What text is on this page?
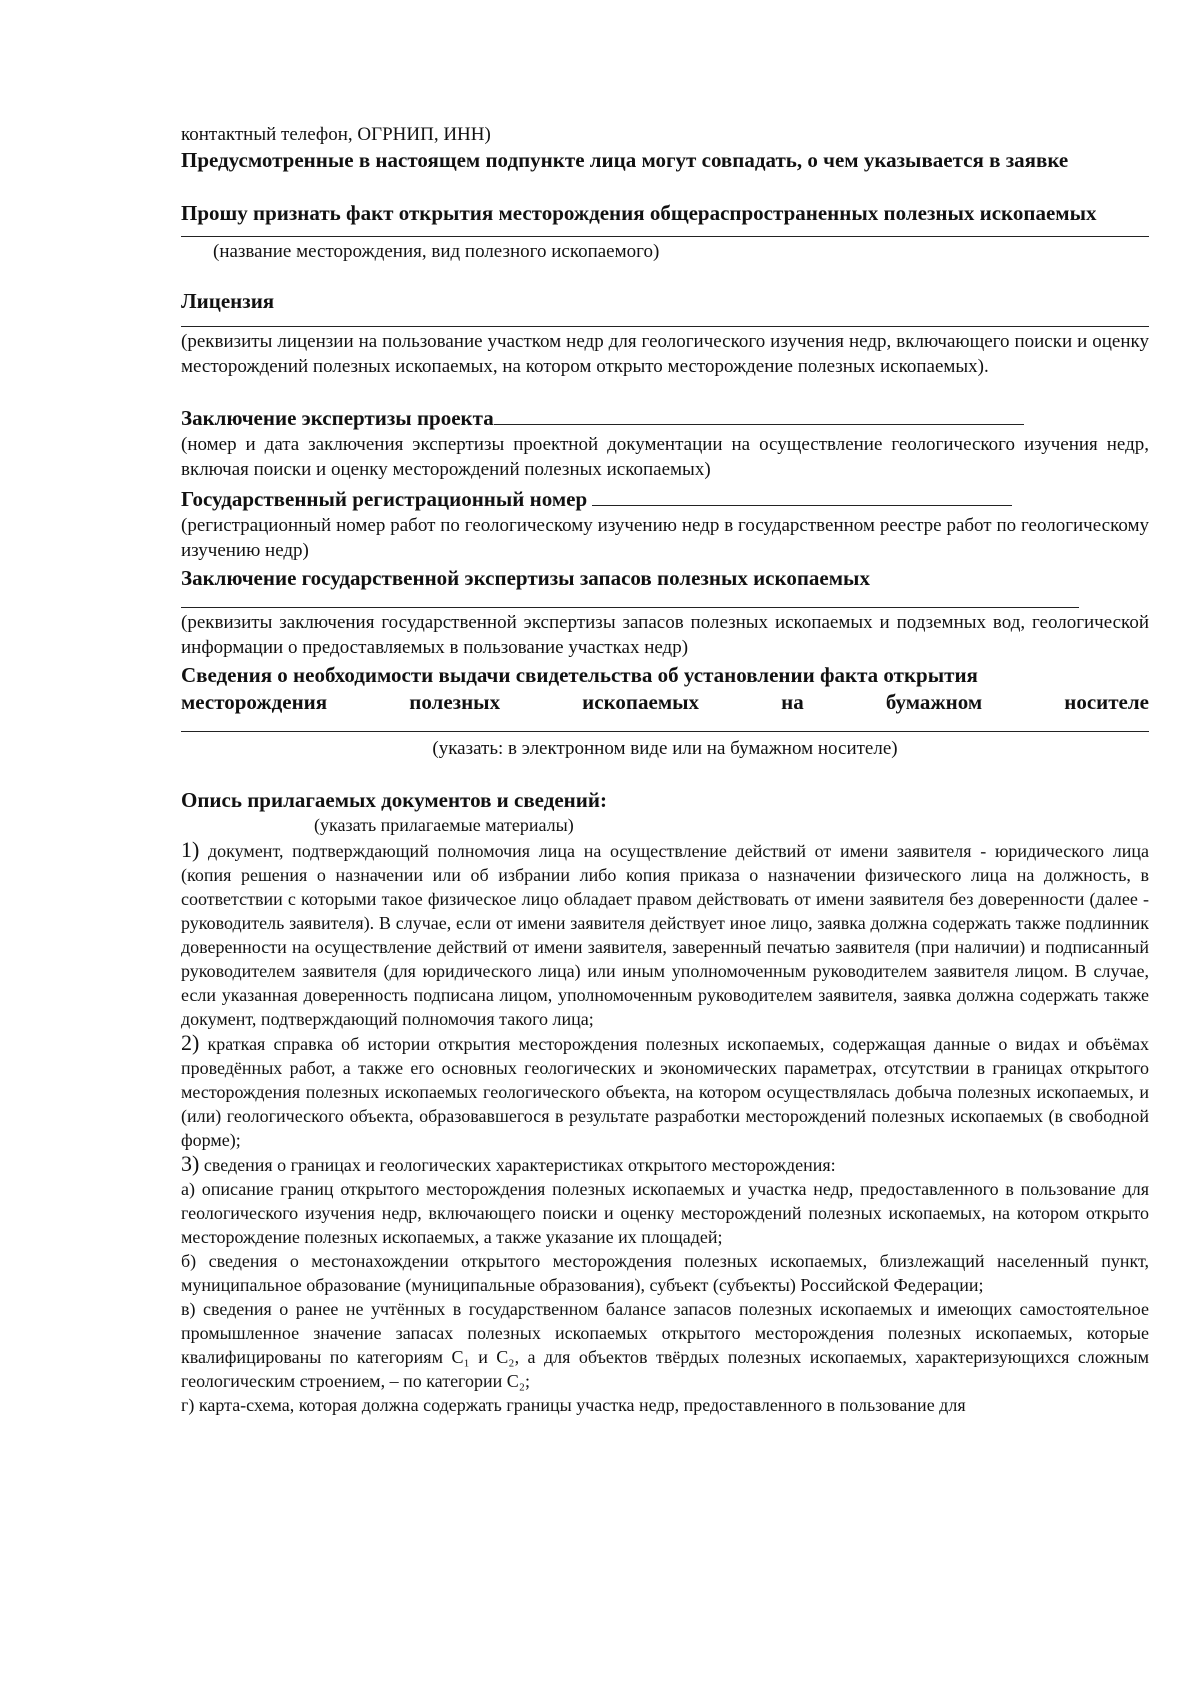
контактный телефон, ОГРНИП, ИНН)

Предусмотренные в настоящем подпункте лица могут совпадать, о чем указывается в заявке

Прошу признать факт открытия месторождения общераспространенных полезных ископаемых

(название месторождения, вид полезного ископаемого)

Лицензия

(реквизиты лицензии на пользование участком недр для геологического изучения недр, включающего поиски и оценку месторождений полезных ископаемых, на котором открыто месторождение полезных ископаемых).

Заключение экспертизы проекта

(номер и дата заключения экспертизы проектной документации на осуществление геологического изучения недр, включая поиски и оценку месторождений полезных ископаемых)

Государственный регистрационный номер

(регистрационный номер работ по геологическому изучению недр в государственном реестре работ по геологическому изучению недр)

Заключение государственной экспертизы запасов полезных ископаемых

(реквизиты заключения государственной экспертизы запасов полезных ископаемых и подземных вод, геологической информации о предоставляемых в пользование участках недр)

Сведения о необходимости выдачи свидетельства об установлении факта открытия
месторождения	полезных	ископаемых	на	бумажном	носителе

(указать: в электронном виде или на бумажном носителе)

Опись прилагаемых документов и сведений:

(указать прилагаемые материалы)

1) документ, подтверждающий полномочия лица на осуществление действий от имени заявителя - юридического лица (копия решения о назначении или об избрании либо копия приказа о назначении физического лица на должность, в соответствии с которыми такое физическое лицо обладает правом действовать от имени заявителя без доверенности (далее - руководитель заявителя). В случае, если от имени заявителя действует иное лицо, заявка должна содержать также подлинник доверенности на осуществление действий от имени заявителя, заверенный печатью заявителя (при наличии) и подписанный руководителем заявителя (для юридического лица) или иным уполномоченным руководителем заявителя лицом. В случае, если указанная доверенность подписана лицом, уполномоченным руководителем заявителя, заявка должна содержать также документ, подтверждающий полномочия такого лица;

2) краткая справка об истории открытия месторождения полезных ископаемых, содержащая данные о видах и объёмах проведённых работ, а также его основных геологических и экономических параметрах, отсутствии в границах открытого месторождения полезных ископаемых геологического объекта, на котором осуществлялась добыча полезных ископаемых, и (или) геологического объекта, образовавшегося в результате разработки месторождений полезных ископаемых (в свободной форме);

3) сведения о границах и геологических характеристиках открытого месторождения:

а) описание границ открытого месторождения полезных ископаемых и участка недр, предоставленного в пользование для геологического изучения недр, включающего поиски и оценку месторождений полезных ископаемых, на котором открыто месторождение полезных ископаемых, а также указание их площадей;

б) сведения о местонахождении открытого месторождения полезных ископаемых, близлежащий населенный пункт, муниципальное образование (муниципальные образования), субъект (субъекты) Российской Федерации;

в) сведения о ранее не учтённых в государственном балансе запасов полезных ископаемых и имеющих самостоятельное промышленное значение запасах полезных ископаемых открытого месторождения полезных ископаемых, которые квалифицированы по категориям C₁ и C₂, а для объектов твёрдых полезных ископаемых, характеризующихся сложным геологическим строением, – по категории C₂;

г) карта-схема, которая должна содержать границы участка недр, предоставленного в пользование для
